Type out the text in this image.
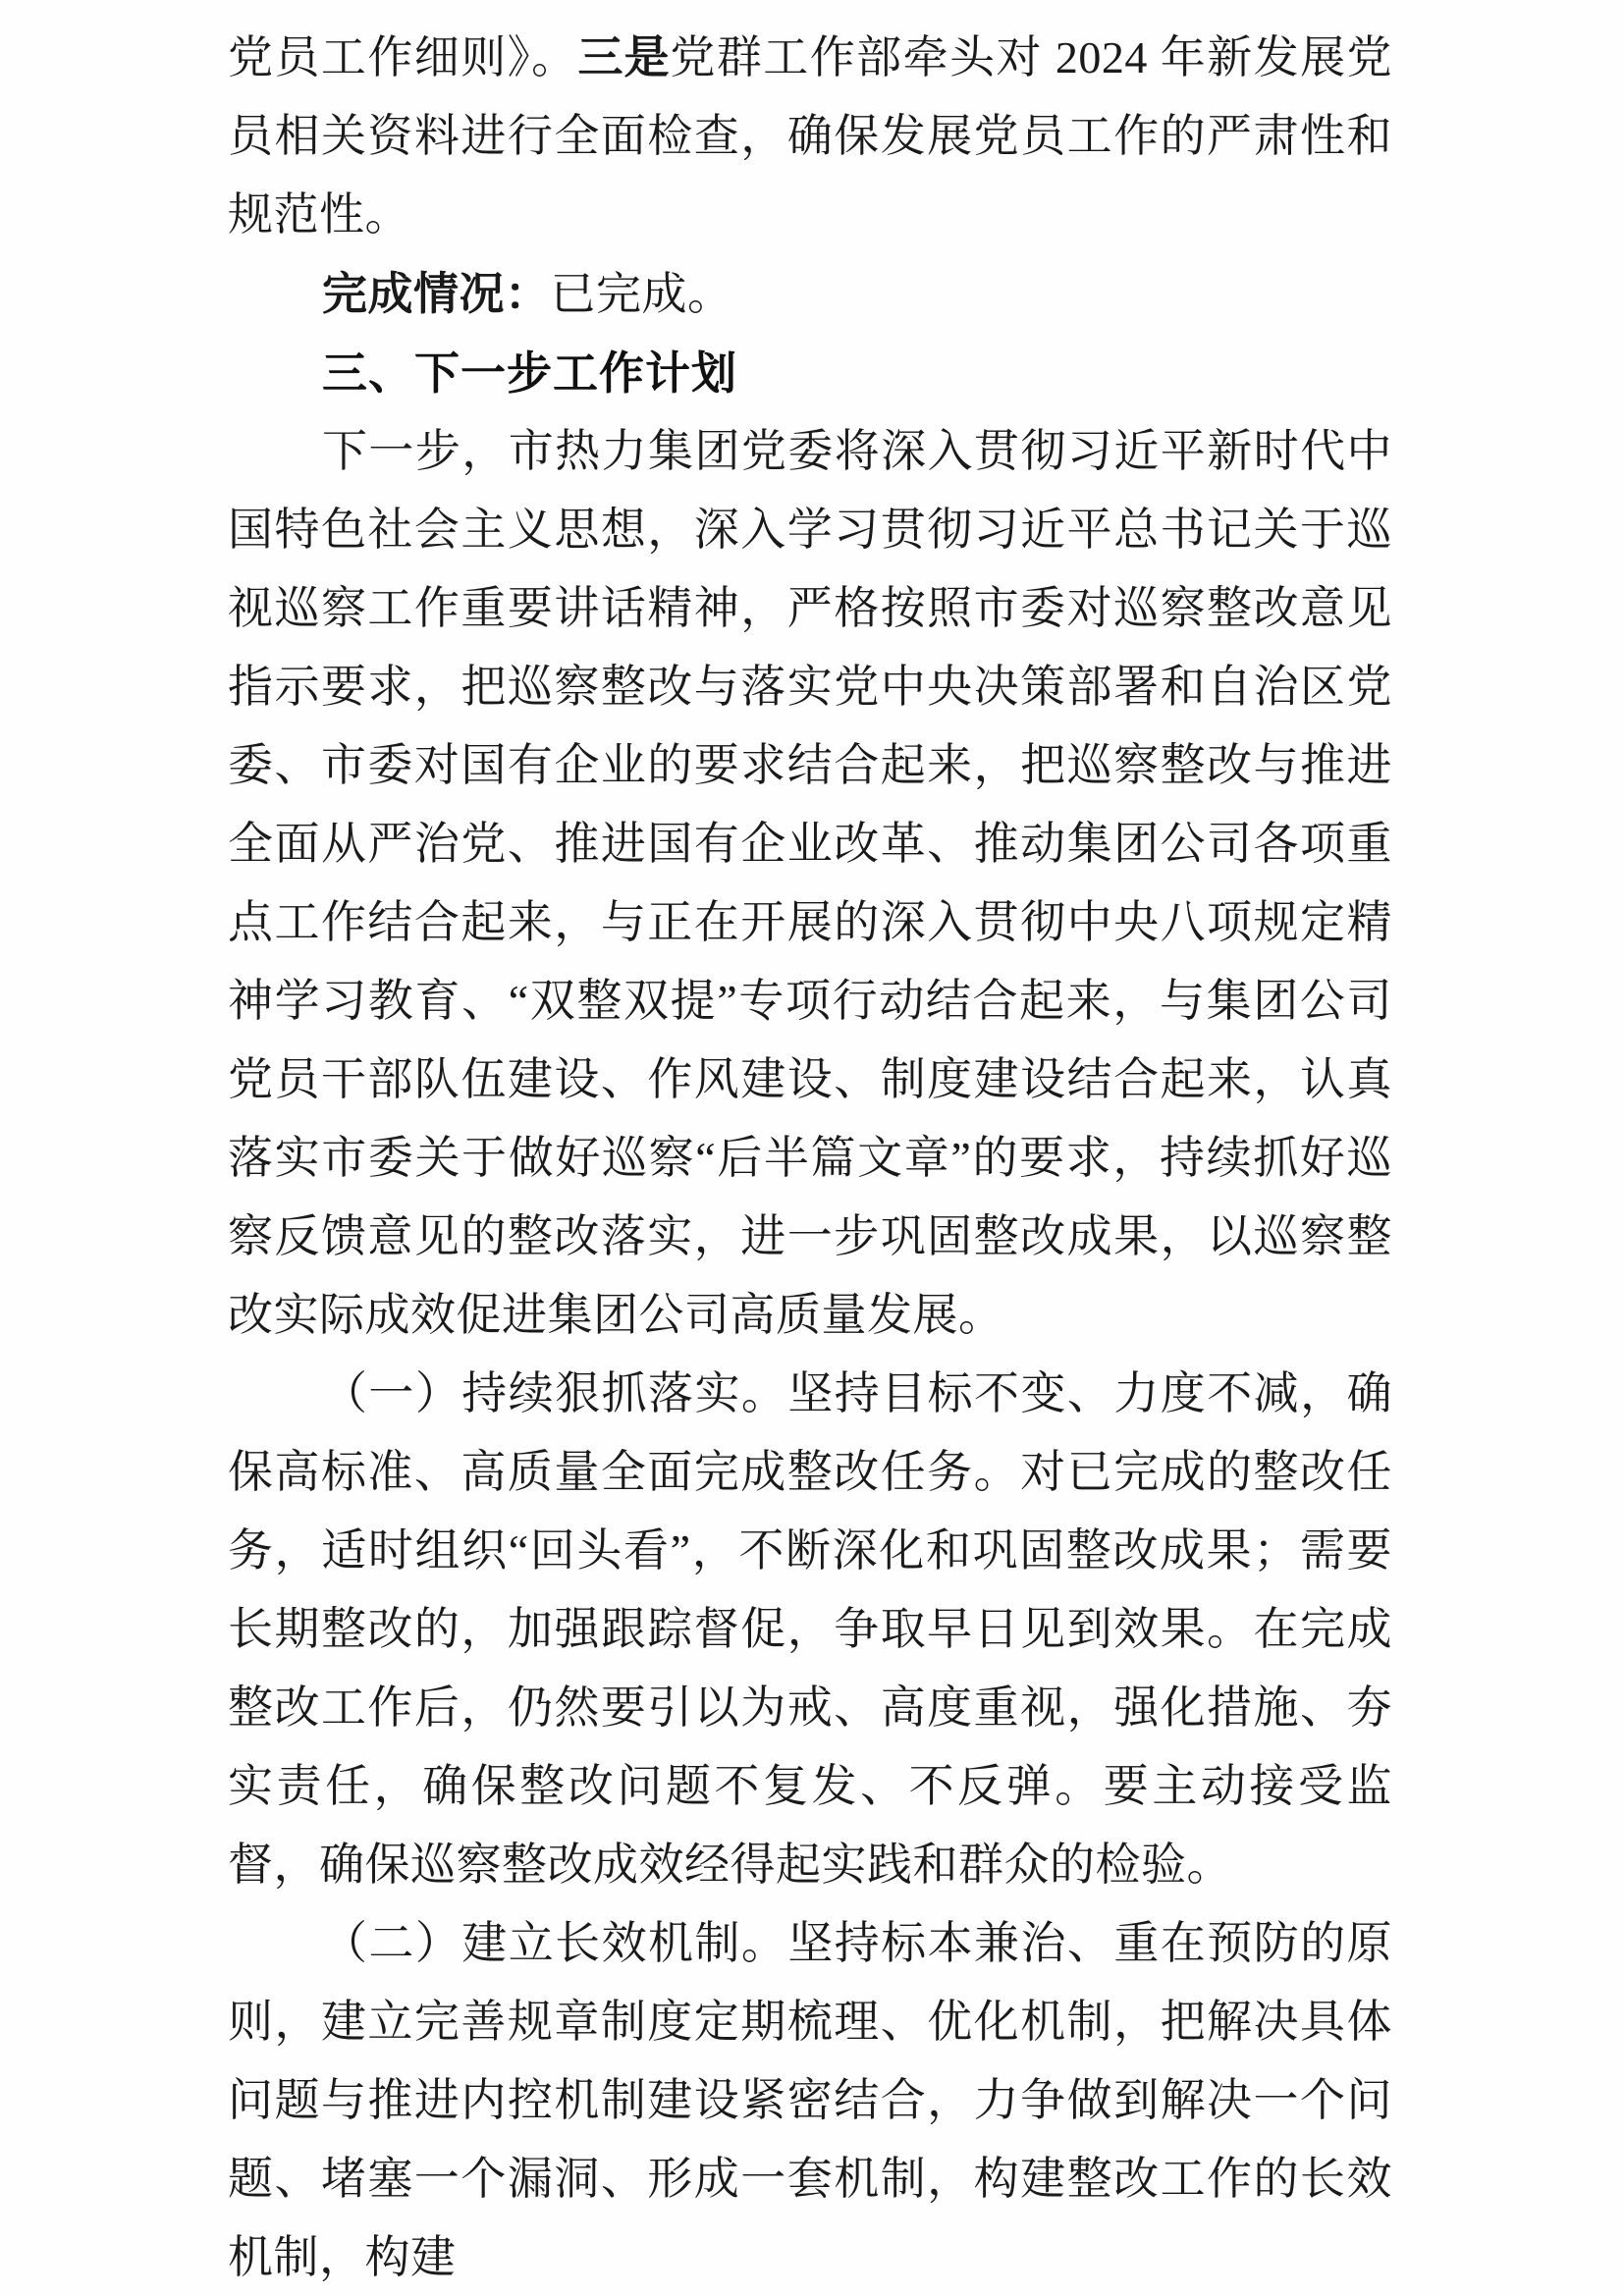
党员工作细则》。三是党群工作部牵头对 2024 年新发展党员相关资料进行全面检查，确保发展党员工作的严肃性和规范性。

完成情况：已完成。

三、下一步工作计划

下一步，市热力集团党委将深入贯彻习近平新时代中国特色社会主义思想，深入学习贯彻习近平总书记关于巡视巡察工作重要讲话精神，严格按照市委对巡察整改意见指示要求，把巡察整改与落实党中央决策部署和自治区党委、市委对国有企业的要求结合起来，把巡察整改与推进全面从严治党、推进国有企业改革、推动集团公司各项重点工作结合起来，与正在开展的深入贯彻中央八项规定精神学习教育、“双整双提”专项行动结合起来，与集团公司党员干部队伍建设、作风建设、制度建设结合起来，认真落实市委关于做好巡察“后半篇文章”的要求，持续抓好巡察反馈意见的整改落实，进一步巩固整改成果，以巡察整改实际成效促进集团公司高质量发展。

（一）持续狠抓落实。坚持目标不变、力度不减，确保高标准、高质量全面完成整改任务。对已完成的整改任务，适时组织“回头看”，不断深化和巩固整改成果；需要长期整改的，加强跟踪督促，争取早日见到效果。在完成整改工作后，仍然要引以为戒、高度重视，强化措施、夯实责任，确保整改问题不复发、不反弹。要主动接受监督，确保巡察整改成效经得起实践和群众的检验。

（二）建立长效机制。坚持标本兼治、重在预防的原则，建立完善规章制度定期梳理、优化机制，把解决具体问题与推进内控机制建设紧密结合，力争做到解决一个问题、堵塞一个漏洞、形成一套机制，构建整改工作的长效机制，构建
